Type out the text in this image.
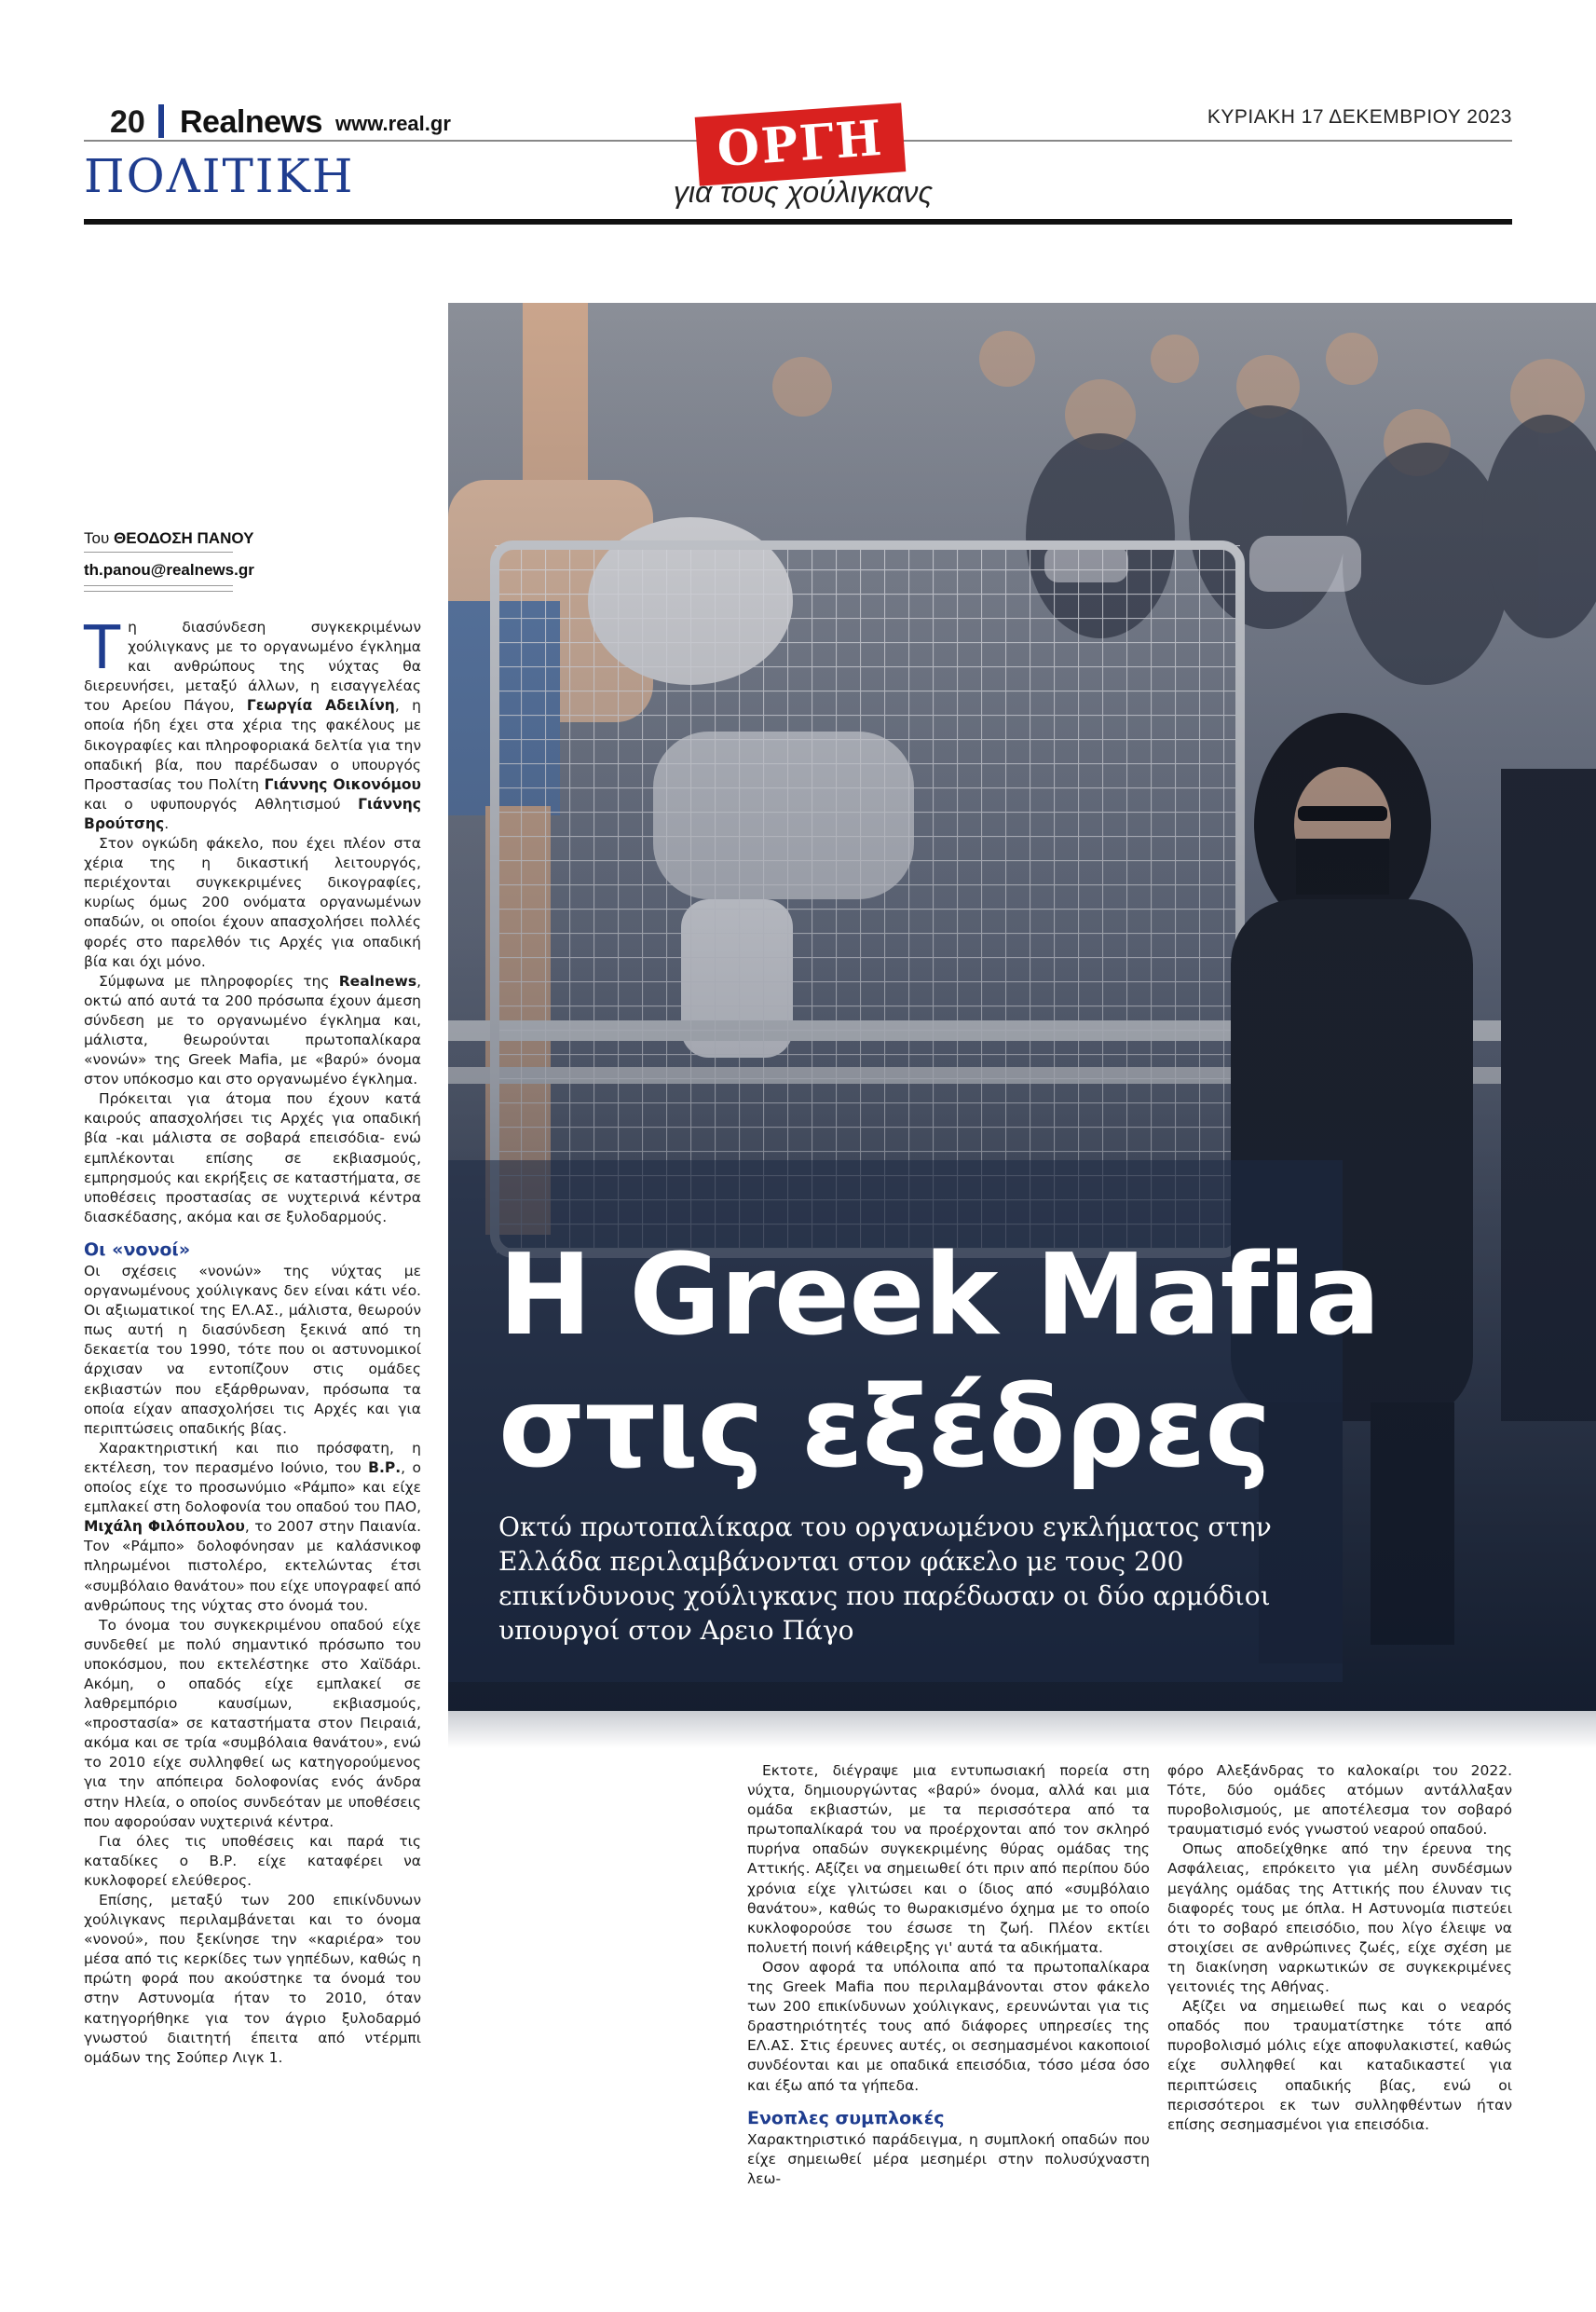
20 Realnews www.real.gr	ΚΥΡΙΑΚΗ 17 ΔΕΚΕΜΒΡΙΟΥ 2023
ΠΟΛΙΤΙΚΗ	ΟΡΓΗ
για τους χούλιγκανς
Η Greek Mafia
στις εξέδρες
Οκτώ πρωτοπαλίκαρα του οργανωμένου εγκλήματος στην Ελλάδα περιλαμβάνονται στον φάκελο με τους 200 επικίνδυνους χούλιγκανς που παρέδωσαν οι δύο αρμόδιοι υπουργοί στον Αρειο Πάγο
Του ΘΕΟΔΟΣΗ ΠΑΝΟΥ
th.panou@realnews.gr

Τη διασύνδεση συγκεκριμένων χούλιγκανς με το οργανωμένο έγκλημα και ανθρώπους της νύχτας θα διερευνήσει, μεταξύ άλλων, η εισαγγελέας του Αρείου Πάγου, Γεωργία Αδειλίνη, η οποία ήδη έχει στα χέρια της φακέλους με δικογραφίες και πληροφοριακά δελτία για την οπαδική βία, που παρέδωσαν ο υπουργός Προστασίας του Πολίτη Γιάννης Οικονόμου και ο υφυπουργός Αθλητισμού Γιάννης Βρούτσης.

Στον ογκώδη φάκελο, που έχει πλέον στα χέρια της η δικαστική λειτουργός, περιέχονται συγκεκριμένες δικογραφίες, κυρίως όμως 200 ονόματα οργανωμένων οπαδών, οι οποίοι έχουν απασχολήσει πολλές φορές στο παρελθόν τις Αρχές για οπαδική βία και όχι μόνο.

Σύμφωνα με πληροφορίες της Realnews, οκτώ από αυτά τα 200 πρόσωπα έχουν άμεση σύνδεση με το οργανωμένο έγκλημα και, μάλιστα, θεωρούνται πρωτοπαλίκαρα «νονών» της Greek Mafia, με «βαρύ» όνομα στον υπόκοσμο και στο οργανωμένο έγκλημα.

Πρόκειται για άτομα που έχουν κατά καιρούς απασχολήσει τις Αρχές για οπαδική βία -και μάλιστα σε σοβαρά επεισόδια- ενώ εμπλέκονται επίσης σε εκβιασμούς, εμπρησμούς και εκρήξεις σε καταστήματα, σε υποθέσεις προστασίας σε νυχτερινά κέντρα διασκέδασης, ακόμα και σε ξυλοδαρμούς.

Οι «νονοί»

Οι σχέσεις «νονών» της νύχτας με οργανωμένους χούλιγκανς δεν είναι κάτι νέο. Οι αξιωματικοί της ΕΛ.ΑΣ., μάλιστα, θεωρούν πως αυτή η διασύνδεση ξεκινά από τη δεκαετία του 1990, τότε που οι αστυνομικοί άρχισαν να εντοπίζουν στις ομάδες εκβιαστών που εξάρθρωναν, πρόσωπα τα οποία είχαν απασχολήσει τις Αρχές και για περιπτώσεις οπαδικής βίας.

Χαρακτηριστική και πιο πρόσφατη, η εκτέλεση, τον περασμένο Ιούνιο, του Β.Ρ., ο οποίος είχε το προσωνύμιο «Ράμπο» και είχε εμπλακεί στη δολοφονία του οπαδού του ΠΑΟ, Μιχάλη Φιλόπουλου, το 2007 στην Παιανία. Τον «Ράμπο» δολοφόνησαν με καλάσνικοφ πληρωμένοι πιστολέρο, εκτελώντας έτσι «συμβόλαιο θανάτου» που είχε υπογραφεί από ανθρώπους της νύχτας στο όνομά του.

Το όνομα του συγκεκριμένου οπαδού είχε συνδεθεί με πολύ σημαντικό πρόσωπο του υποκόσμου, που εκτελέστηκε στο Χαϊδάρι. Ακόμη, ο οπαδός είχε εμπλακεί σε λαθρεμπόριο καυσίμων, εκβιασμούς, «προστασία» σε καταστήματα στον Πειραιά, ακόμα και σε τρία «συμβόλαια θανάτου», ενώ το 2010 είχε συλληφθεί ως κατηγορούμενος για την απόπειρα δολοφονίας ενός άνδρα στην Ηλεία, ο οποίος συνδεόταν με υποθέσεις που αφορούσαν νυχτερινά κέντρα.

Για όλες τις υποθέσεις και παρά τις καταδίκες ο Β.Ρ. είχε καταφέρει να κυκλοφορεί ελεύθερος.

Επίσης, μεταξύ των 200 επικίνδυνων χούλιγκανς περιλαμβάνεται και το όνομα «νονού», που ξεκίνησε την «καριέρα» του μέσα από τις κερκίδες των γηπέδων, καθώς η πρώτη φορά που ακούστηκε τα όνομά του στην Αστυνομία ήταν το 2010, όταν κατηγορήθηκε για τον άγριο ξυλοδαρμό γνωστού διαιτητή έπειτα από ντέρμπι ομάδων της Σούπερ Λιγκ 1.

Εκτοτε, διέγραψε μια εντυπωσιακή πορεία στη νύχτα, δημιουργώντας «βαρύ» όνομα, αλλά και μια ομάδα εκβιαστών, με τα περισσότερα από τα πρωτοπαλίκαρά του να προέρχονται από τον σκληρό πυρήνα οπαδών συγκεκριμένης θύρας ομάδας της Αττικής. Αξίζει να σημειωθεί ότι πριν από περίπου δύο χρόνια είχε γλιτώσει και ο ίδιος από «συμβόλαιο θανάτου», καθώς το θωρακισμένο όχημα με το οποίο κυκλοφορούσε του έσωσε τη ζωή. Πλέον εκτίει πολυετή ποινή κάθειρξης γι' αυτά τα αδικήματα.

Οσον αφορά τα υπόλοιπα από τα πρωτοπαλίκαρα της Greek Mafia που περιλαμβάνονται στον φάκελο των 200 επικίνδυνων χούλιγκανς, ερευνώνται για τις δραστηριότητές τους από διάφορες υπηρεσίες της ΕΛ.ΑΣ. Στις έρευνες αυτές, οι σεσημασμένοι κακοποιοί συνδέονται και με οπαδικά επεισόδια, τόσο μέσα όσο και έξω από τα γήπεδα.

Ενοπλες συμπλοκές

Χαρακτηριστικό παράδειγμα, η συμπλοκή οπαδών που είχε σημειωθεί μέρα μεσημέρι στην πολυσύχναστη λεω-

φόρο Αλεξάνδρας το καλοκαίρι του 2022. Τότε, δύο ομάδες ατόμων αντάλλαξαν πυροβολισμούς, με αποτέλεσμα τον σοβαρό τραυματισμό ενός γνωστού νεαρού οπαδού.

Οπως αποδείχθηκε από την έρευνα της Ασφάλειας, επρόκειτο για μέλη συνδέσμων μεγάλης ομάδας της Αττικής που έλυναν τις διαφορές τους με όπλα. Η Αστυνομία πιστεύει ότι το σοβαρό επεισόδιο, που λίγο έλειψε να στοιχίσει σε ανθρώπινες ζωές, είχε σχέση με τη διακίνηση ναρκωτικών σε συγκεκριμένες γειτονιές της Αθήνας.

Αξίζει να σημειωθεί πως και ο νεαρός οπαδός που τραυματίστηκε τότε από πυροβολισμό μόλις είχε αποφυλακιστεί, καθώς είχε συλληφθεί και καταδικαστεί για περιπτώσεις οπαδικής βίας, ενώ οι περισσότεροι εκ των συλληφθέντων ήταν επίσης σεσημασμένοι για επεισόδια.
